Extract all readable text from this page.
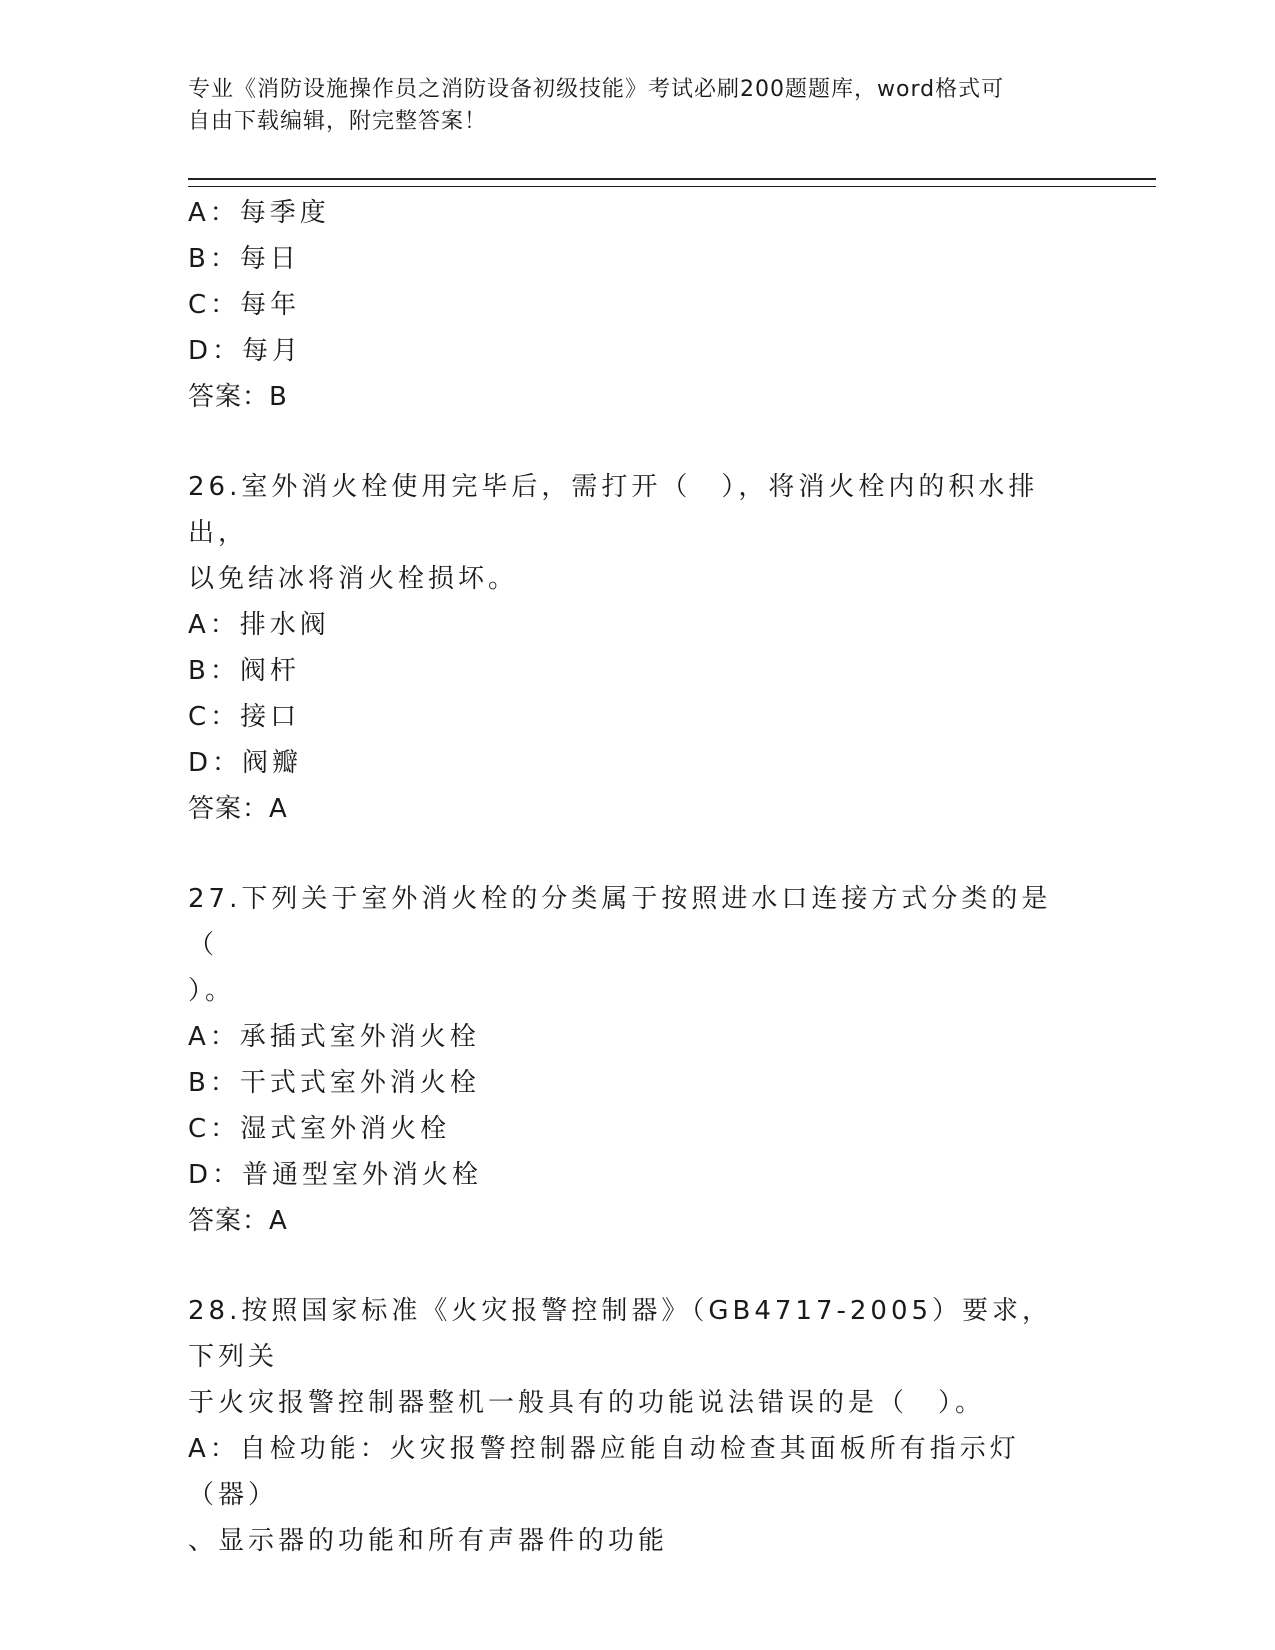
专业《消防设施操作员之消防设备初级技能》考试必刷200题题库，word格式可
自由下载编辑，附完整答案！
A：每季度
B：每日
C：每年
D：每月
答案：B
26.室外消火栓使用完毕后，需打开（　），将消火栓内的积水排出，
以免结冰将消火栓损坏。
A：排水阀
B：阀杆
C：接口
D：阀瓣
答案：A
27.下列关于室外消火栓的分类属于按照进水口连接方式分类的是（
）。
A：承插式室外消火栓
B：干式式室外消火栓
C：湿式室外消火栓
D：普通型室外消火栓
答案：A
28.按照国家标准《火灾报警控制器》（GB4717-2005）要求，下列关
于火灾报警控制器整机一般具有的功能说法错误的是（　）。
A：自检功能：火灾报警控制器应能自动检查其面板所有指示灯（器）
、显示器的功能和所有声器件的功能
